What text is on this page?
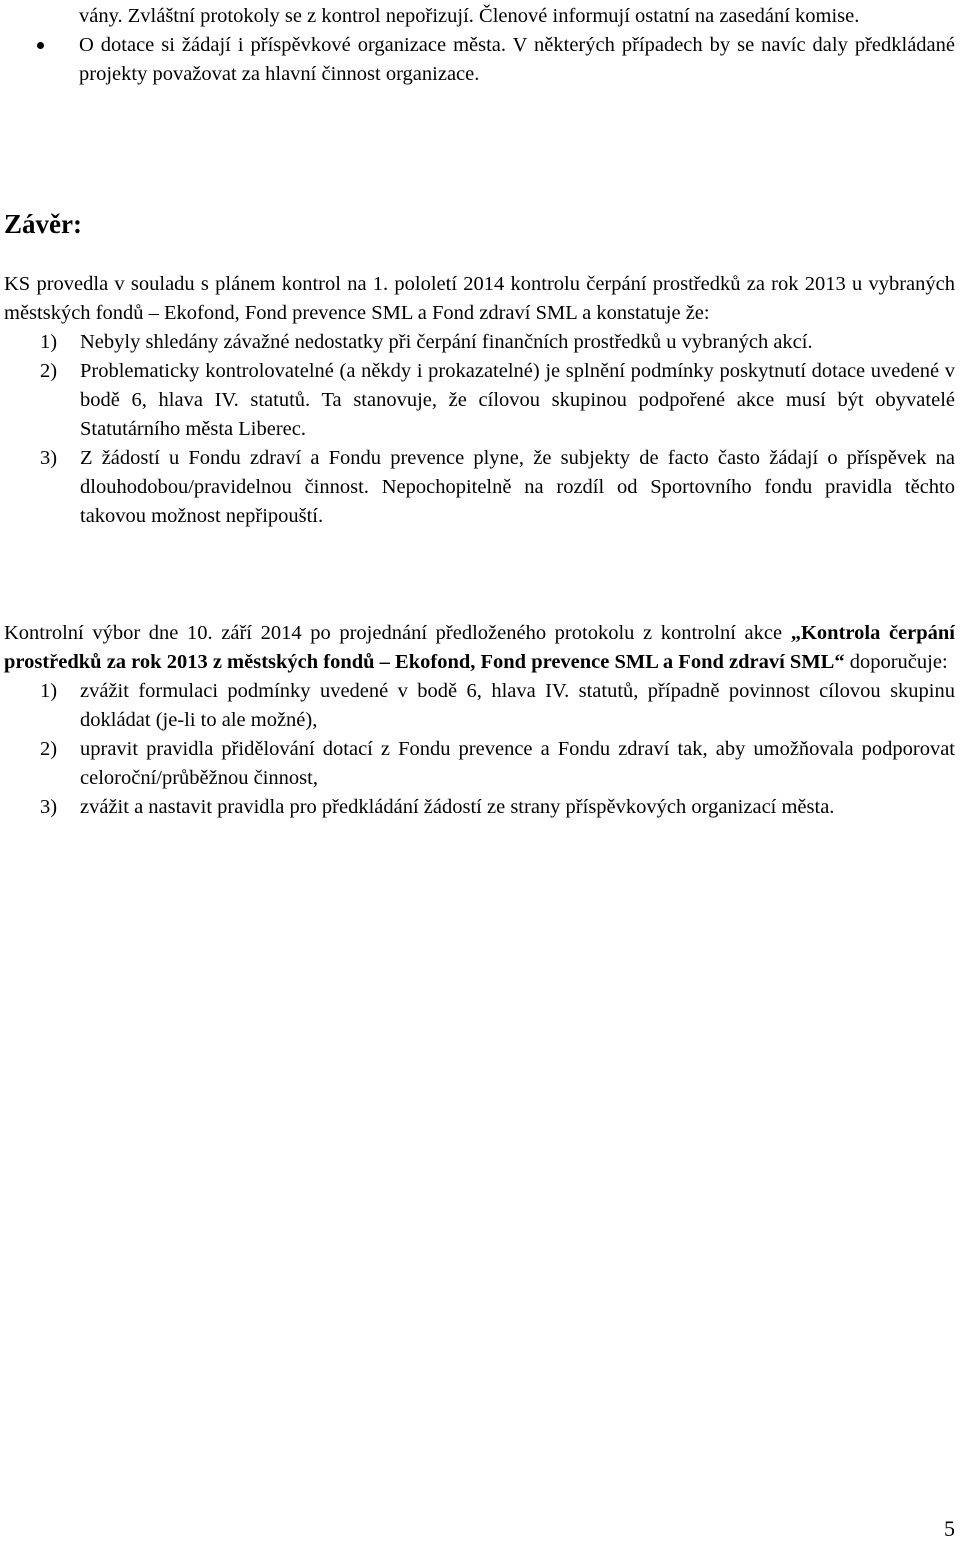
vány. Zvláštní protokoly se z kontrol nepořizují. Členové informují ostatní na zasedání komise.
O dotace si žádají i příspěvkové organizace města. V některých případech by se navíc daly předkládané projekty považovat za hlavní činnost organizace.
Závěr:
KS provedla v souladu s plánem kontrol na 1. pololetí 2014 kontrolu čerpání prostředků za rok 2013 u vybraných městských fondů – Ekofond, Fond prevence SML a Fond zdraví SML a konstatuje že:
1) Nebyly shledány závažné nedostatky při čerpání finančních prostředků u vybraných akcí.
2) Problematicky kontrolovatelné (a někdy i prokazatelné) je splnění podmínky poskytnutí dotace uvedené v bodě 6, hlava IV. statutů. Ta stanovuje, že cílovou skupinou podpořené akce musí být obyvatelé Statutárního města Liberec.
3) Z žádostí u Fondu zdraví a Fondu prevence plyne, že subjekty de facto často žádají o příspěvek na dlouhodobou/pravidelnou činnost. Nepochopitelně na rozdíl od Sportovního fondu pravidla těchto takovou možnost nepřipouští.
Kontrolní výbor dne 10. září 2014 po projednání předloženého protokolu z kontrolní akce „Kontrola čerpání prostředků za rok 2013 z městských fondů – Ekofond, Fond prevence SML a Fond zdraví SML“ doporučuje:
1) zvážit formulaci podmínky uvedené v bodě 6, hlava IV. statutů, případně povinnost cílovou skupinu dokládat (je-li to ale možné),
2) upravit pravidla přidělování dotací z Fondu prevence a Fondu zdraví tak, aby umožňovala podporovat celoroční/průběžnou činnost,
3) zvážit a nastavit pravidla pro předkládání žádostí ze strany příspěvkových organizací města.
5
